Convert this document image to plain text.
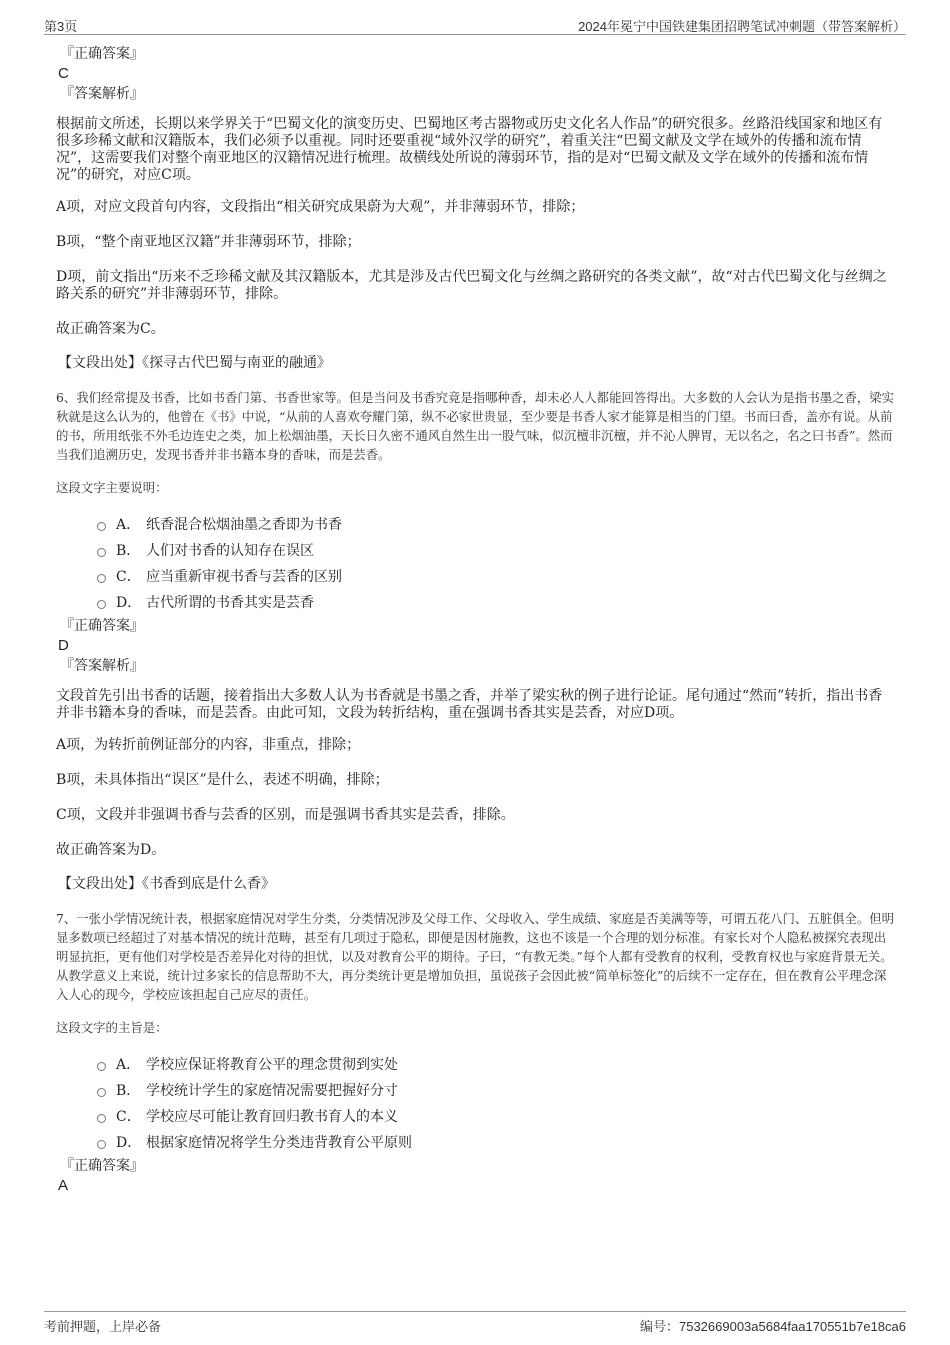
第3页	2024年冕宁中国铁建集团招聘笔试冲刺题（带答案解析）

『正确答案』

C

『答案解析』

根据前文所述，长期以来学界关于“巴蜀文化的演变历史、巴蜀地区考古器物或历史文化名人作品”的研究很多。丝路沿线国家和地区有很多珍稀文献和汉籍版本，我们必须予以重视。同时还要重视“域外汉学的研究”，着重关注“巴蜀文献及文学在域外的传播和流布情况”，这需要我们对整个南亚地区的汉籍情况进行梳理。故横线处所说的薄弱环节，指的是对“巴蜀文献及文学在域外的传播和流布情况”的研究，对应C项。

A项，对应文段首句内容，文段指出“相关研究成果蔚为大观”，并非薄弱环节，排除；

B项，“整个南亚地区汉籍”并非薄弱环节，排除；

D项，前文指出“历来不乏珍稀文献及其汉籍版本，尤其是涉及古代巴蜀文化与丝绸之路研究的各类文献”，故“对古代巴蜀文化与丝绸之路关系的研究”并非薄弱环节，排除。

故正确答案为C。

【文段出处】《探寻古代巴蜀与南亚的融通》

6、我们经常提及书香，比如书香门第、书香世家等。但是当问及书香究竟是指哪种香，却未必人人都能回答得出。大多数的人会认为是指书墨之香，梁实秋就是这么认为的，他曾在《书》中说，“从前的人喜欢夸耀门第，纵不必家世贵显，至少要是书香人家才能算是相当的门望。书而曰香，盖亦有说。从前的书，所用纸张不外毛边连史之类，加上松烟油墨，天长日久密不通风自然生出一股气味，似沉檀非沉檀，并不沁人脾胃，无以名之，名之曰书香”。然而当我们追溯历史，发现书香并非书籍本身的香味，而是芸香。

这段文字主要说明：

A． 纸香混合松烟油墨之香即为书香
B． 人们对书香的认知存在误区
C． 应当重新审视书香与芸香的区别
D． 古代所谓的书香其实是芸香

『正确答案』

D

『答案解析』

文段首先引出书香的话题，接着指出大多数人认为书香就是书墨之香，并举了梁实秋的例子进行论证。尾句通过“然而”转折，指出书香并非书籍本身的香味，而是芸香。由此可知，文段为转折结构，重在强调书香其实是芸香，对应D项。

A项，为转折前例证部分的内容，非重点，排除；

B项，未具体指出“误区”是什么，表述不明确，排除；

C项，文段并非强调书香与芸香的区别，而是强调书香其实是芸香，排除。

故正确答案为D。

【文段出处】《书香到底是什么香》

7、一张小学情况统计表，根据家庭情况对学生分类，分类情况涉及父母工作、父母收入、学生成绩、家庭是否美满等等，可谓五花八门、五脏俱全。但明显多数项已经超过了对基本情况的统计范畴，甚至有几项过于隐私，即便是因材施教，这也不该是一个合理的划分标准。有家长对个人隐私被探究表现出明显抗拒，更有他们对学校是否差异化对待的担忧，以及对教育公平的期待。子曰，“有教无类。”每个人都有受教育的权利，受教育权也与家庭背景无关。从教学意义上来说，统计过多家长的信息帮助不大，再分类统计更是增加负担，虽说孩子会因此被“简单标签化”的后续不一定存在，但在教育公平理念深入人心的现今，学校应该担起自己应尽的责任。

这段文字的主旨是：

A． 学校应保证将教育公平的理念贯彻到实处
B． 学校统计学生的家庭情况需要把握好分寸
C． 学校应尽可能让教育回归教书育人的本义
D． 根据家庭情况将学生分类违背教育公平原则

『正确答案』

A

考前押题，上岸必备	编号：7532669003a5684faa170551b7e18ca6
